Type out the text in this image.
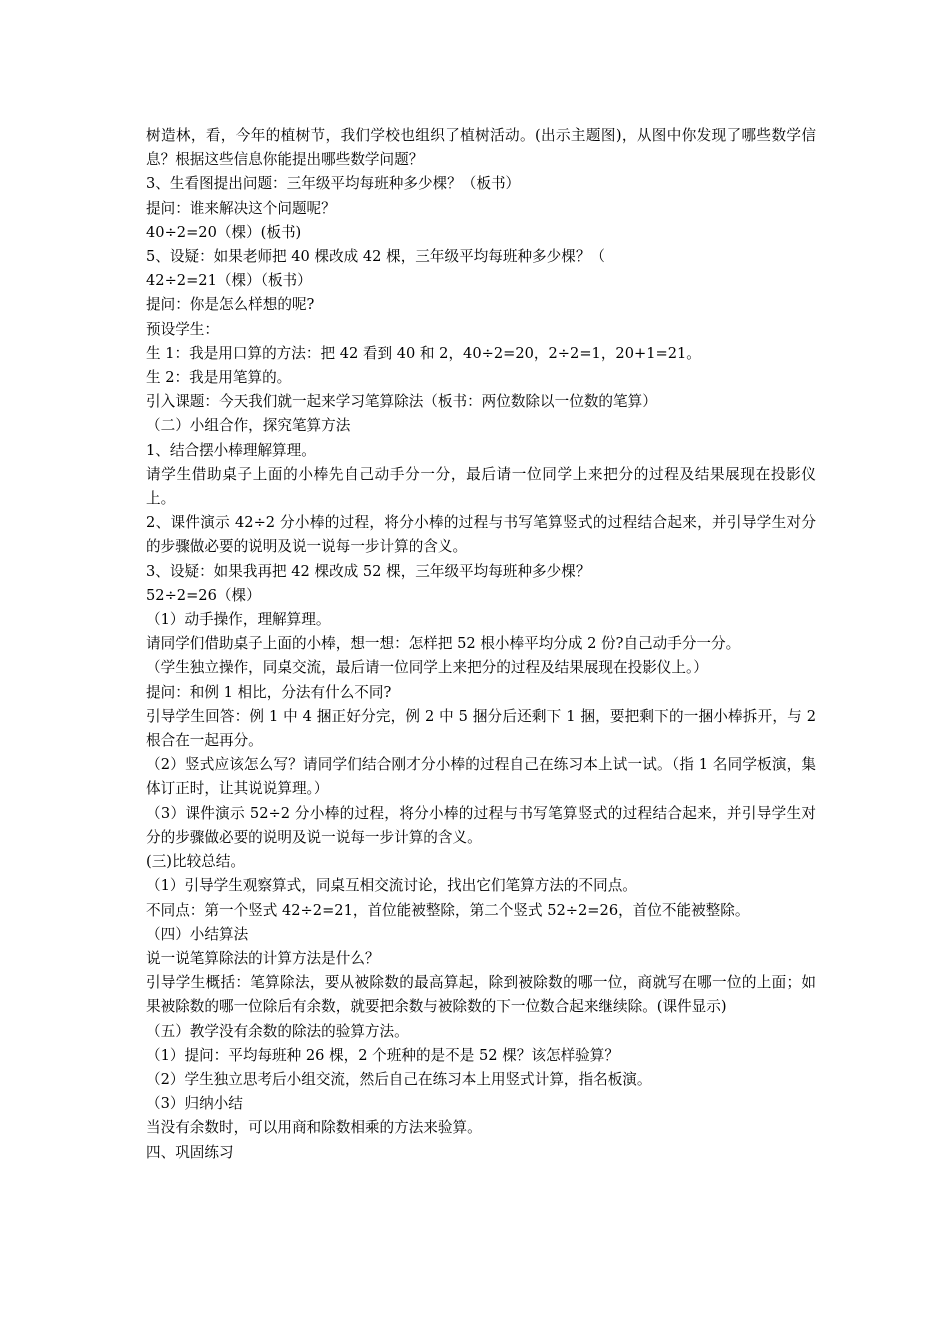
树造林，看，今年的植树节，我们学校也组织了植树活动。(出示主题图)，从图中你发现了哪些数学信息？根据这些信息你能提出哪些数学问题？

3、生看图提出问题：三年级平均每班种多少棵？（板书）

提问：谁来解决这个问题呢？

40÷2=20（棵）(板书)

5、设疑：如果老师把 40 棵改成 42 棵，三年级平均每班种多少棵？（

42÷2=21（棵）（板书）

提问：你是怎么样想的呢?

预设学生：

生 1：我是用口算的方法：把 42 看到 40 和 2，40÷2=20，2÷2=1，20+1=21。

生 2：我是用笔算的。

引入课题：今天我们就一起来学习笔算除法（板书：两位数除以一位数的笔算）

（二）小组合作，探究笔算方法

1、结合摆小棒理解算理。

请学生借助桌子上面的小棒先自己动手分一分，最后请一位同学上来把分的过程及结果展现在投影仪上。

2、课件演示 42÷2 分小棒的过程，将分小棒的过程与书写笔算竖式的过程结合起来，并引导学生对分的步骤做必要的说明及说一说每一步计算的含义。

3、设疑：如果我再把 42 棵改成 52 棵，三年级平均每班种多少棵？

52÷2=26（棵）

（1）动手操作，理解算理。

请同学们借助桌子上面的小棒，想一想：怎样把 52 根小棒平均分成 2 份?自己动手分一分。

（学生独立操作，同桌交流，最后请一位同学上来把分的过程及结果展现在投影仪上。）

提问：和例 1 相比，分法有什么不同?

引导学生回答：例 1 中 4 捆正好分完，例 2 中 5 捆分后还剩下 1 捆，要把剩下的一捆小棒拆开，与 2 根合在一起再分。

（2）竖式应该怎么写？请同学们结合刚才分小棒的过程自己在练习本上试一试。（指 1 名同学板演，集体订正时，让其说说算理。）

（3）课件演示 52÷2 分小棒的过程，将分小棒的过程与书写笔算竖式的过程结合起来，并引导学生对分的步骤做必要的说明及说一说每一步计算的含义。

(三)比较总结。

（1）引导学生观察算式，同桌互相交流讨论，找出它们笔算方法的不同点。

不同点：第一个竖式 42÷2=21，首位能被整除，第二个竖式 52÷2=26，首位不能被整除。

（四）小结算法

说一说笔算除法的计算方法是什么？

引导学生概括：笔算除法，要从被除数的最高算起，除到被除数的哪一位，商就写在哪一位的上面；如果被除数的哪一位除后有余数，就要把余数与被除数的下一位数合起来继续除。(课件显示)

（五）教学没有余数的除法的验算方法。

（1）提问：平均每班种 26 棵，2 个班种的是不是 52 棵？该怎样验算？

（2）学生独立思考后小组交流，然后自己在练习本上用竖式计算，指名板演。

（3）归纳小结

当没有余数时，可以用商和除数相乘的方法来验算。

四、巩固练习
